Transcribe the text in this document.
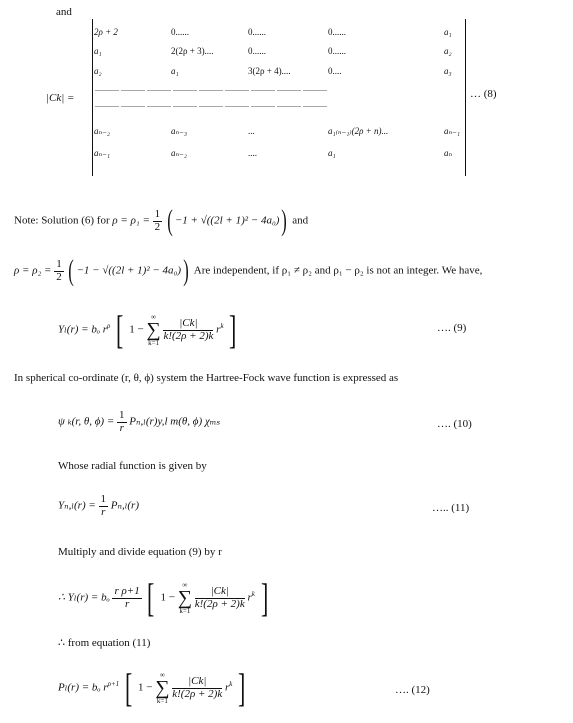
and
|Ck| =
2ρ + 2	0......	0......	0......	a₁
a₁	2(2ρ + 3)....	0......	0......	a₂
a₂	a₁	3(2ρ + 4)....	0....	a₃
............ ............ ............ ............ ............ ............ ............ ............ ............
............ ............ ............ ............ ............ ............ ............ ............ ............
aₙ₋₂	aₙ₋₃	...	a₁₍ₙ₋₁₎(2ρ + n)...	aₙ₋₁
aₙ₋₁	aₙ₋₂	....	a₁	aₙ
… (8)
Note: Solution (6) for $\rho = \rho_1 = \frac{1}{2}$ ( −1 + √((2l + 1)² − 4a₀)) and
$\rho = \rho_2 = \frac{1}{2}$ ( −1 − √((2l + 1)² − 4a₀)) Are independent, if ρ₁ ≠ ρ₂ and ρ₁ − ρ₂ is not an integer. We have,
Yₗ(r) = bₒ $r^\rho$ [ 1 −
∞
∑
k=1

$\frac{|Ck|}{k!(2\rho + 2)k} r^k$ ]	…. (9)
In spherical co-ordinate (r, θ, ϕ) system the Hartree-Fock wave function is expressed as
ψ ₖ(r, θ, $\phi) = \frac{1}{r} P_n,_l(r)y,l$ m(θ, ϕ) χₘₛ	…. (10)
Whose radial function is given by
$Y_n,_l(r) = \frac{1}{r} P_n,_l(r)$	….. (11)
Multiply and divide equation (9) by r
∴ Yₗ(r) = bₒ $\frac{\text{r ρ+1}}{r}$ [ 1 −
∞
∑
k=1

$\frac{|Ck|}{k!(2\rho + 2)k} r^k$ ]
∴ from equation (11)
Pₗ(r) = bₒ $r^{\rho+1}$ [ 1 −
∞
∑
k=1

$\frac{|Ck|}{k!(2\rho + 2)k} r^k$ ]	…. (12)
